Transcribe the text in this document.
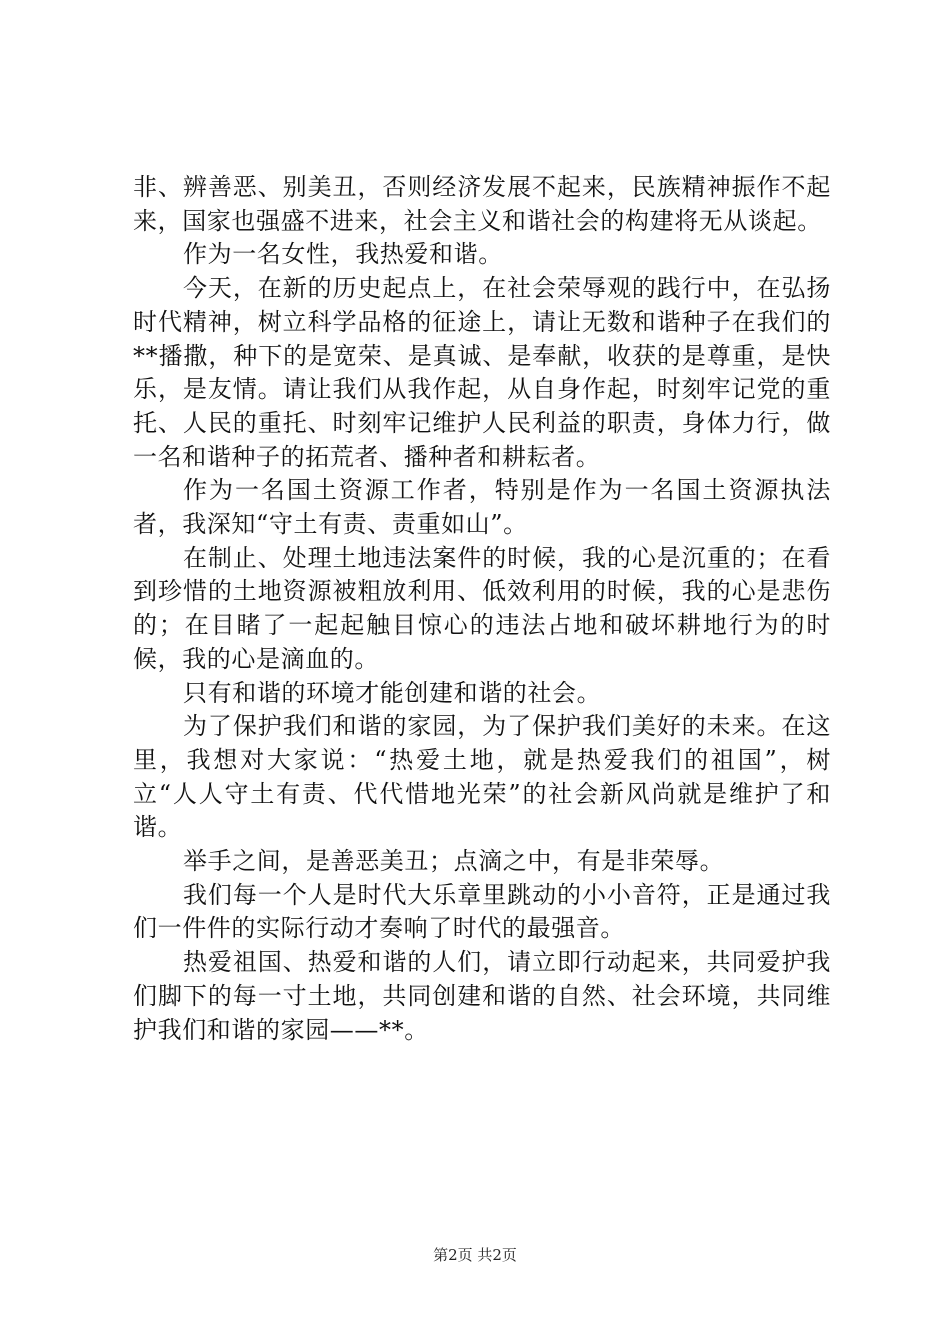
非、辨善恶、别美丑，否则经济发展不起来，民族精神振作不起来，国家也强盛不进来，社会主义和谐社会的构建将无从谈起。

作为一名女性，我热爱和谐。

今天，在新的历史起点上，在社会荣辱观的践行中，在弘扬时代精神，树立科学品格的征途上，请让无数和谐种子在我们的**播撒，种下的是宽荣、是真诚、是奉献，收获的是尊重，是快乐，是友情。请让我们从我作起，从自身作起，时刻牢记党的重托、人民的重托、时刻牢记维护人民利益的职责，身体力行，做一名和谐种子的拓荒者、播种者和耕耘者。

作为一名国土资源工作者，特别是作为一名国土资源执法者，我深知“守土有责、责重如山”。

在制止、处理土地违法案件的时候，我的心是沉重的；在看到珍惜的土地资源被粗放利用、低效利用的时候，我的心是悲伤的；在目睹了一起起触目惊心的违法占地和破坏耕地行为的时候，我的心是滴血的。

只有和谐的环境才能创建和谐的社会。

为了保护我们和谐的家园，为了保护我们美好的未来。在这里，我想对大家说：“热爱土地，就是热爱我们的祖国”，树立“人人守土有责、代代惜地光荣”的社会新风尚就是维护了和谐。

举手之间，是善恶美丑；点滴之中，有是非荣辱。

我们每一个人是时代大乐章里跳动的小小音符，正是通过我们一件件的实际行动才奏响了时代的最强音。

热爱祖国、热爱和谐的人们，请立即行动起来，共同爱护我们脚下的每一寸土地，共同创建和谐的自然、社会环境，共同维护我们和谐的家园——**。

第2页 共2页
